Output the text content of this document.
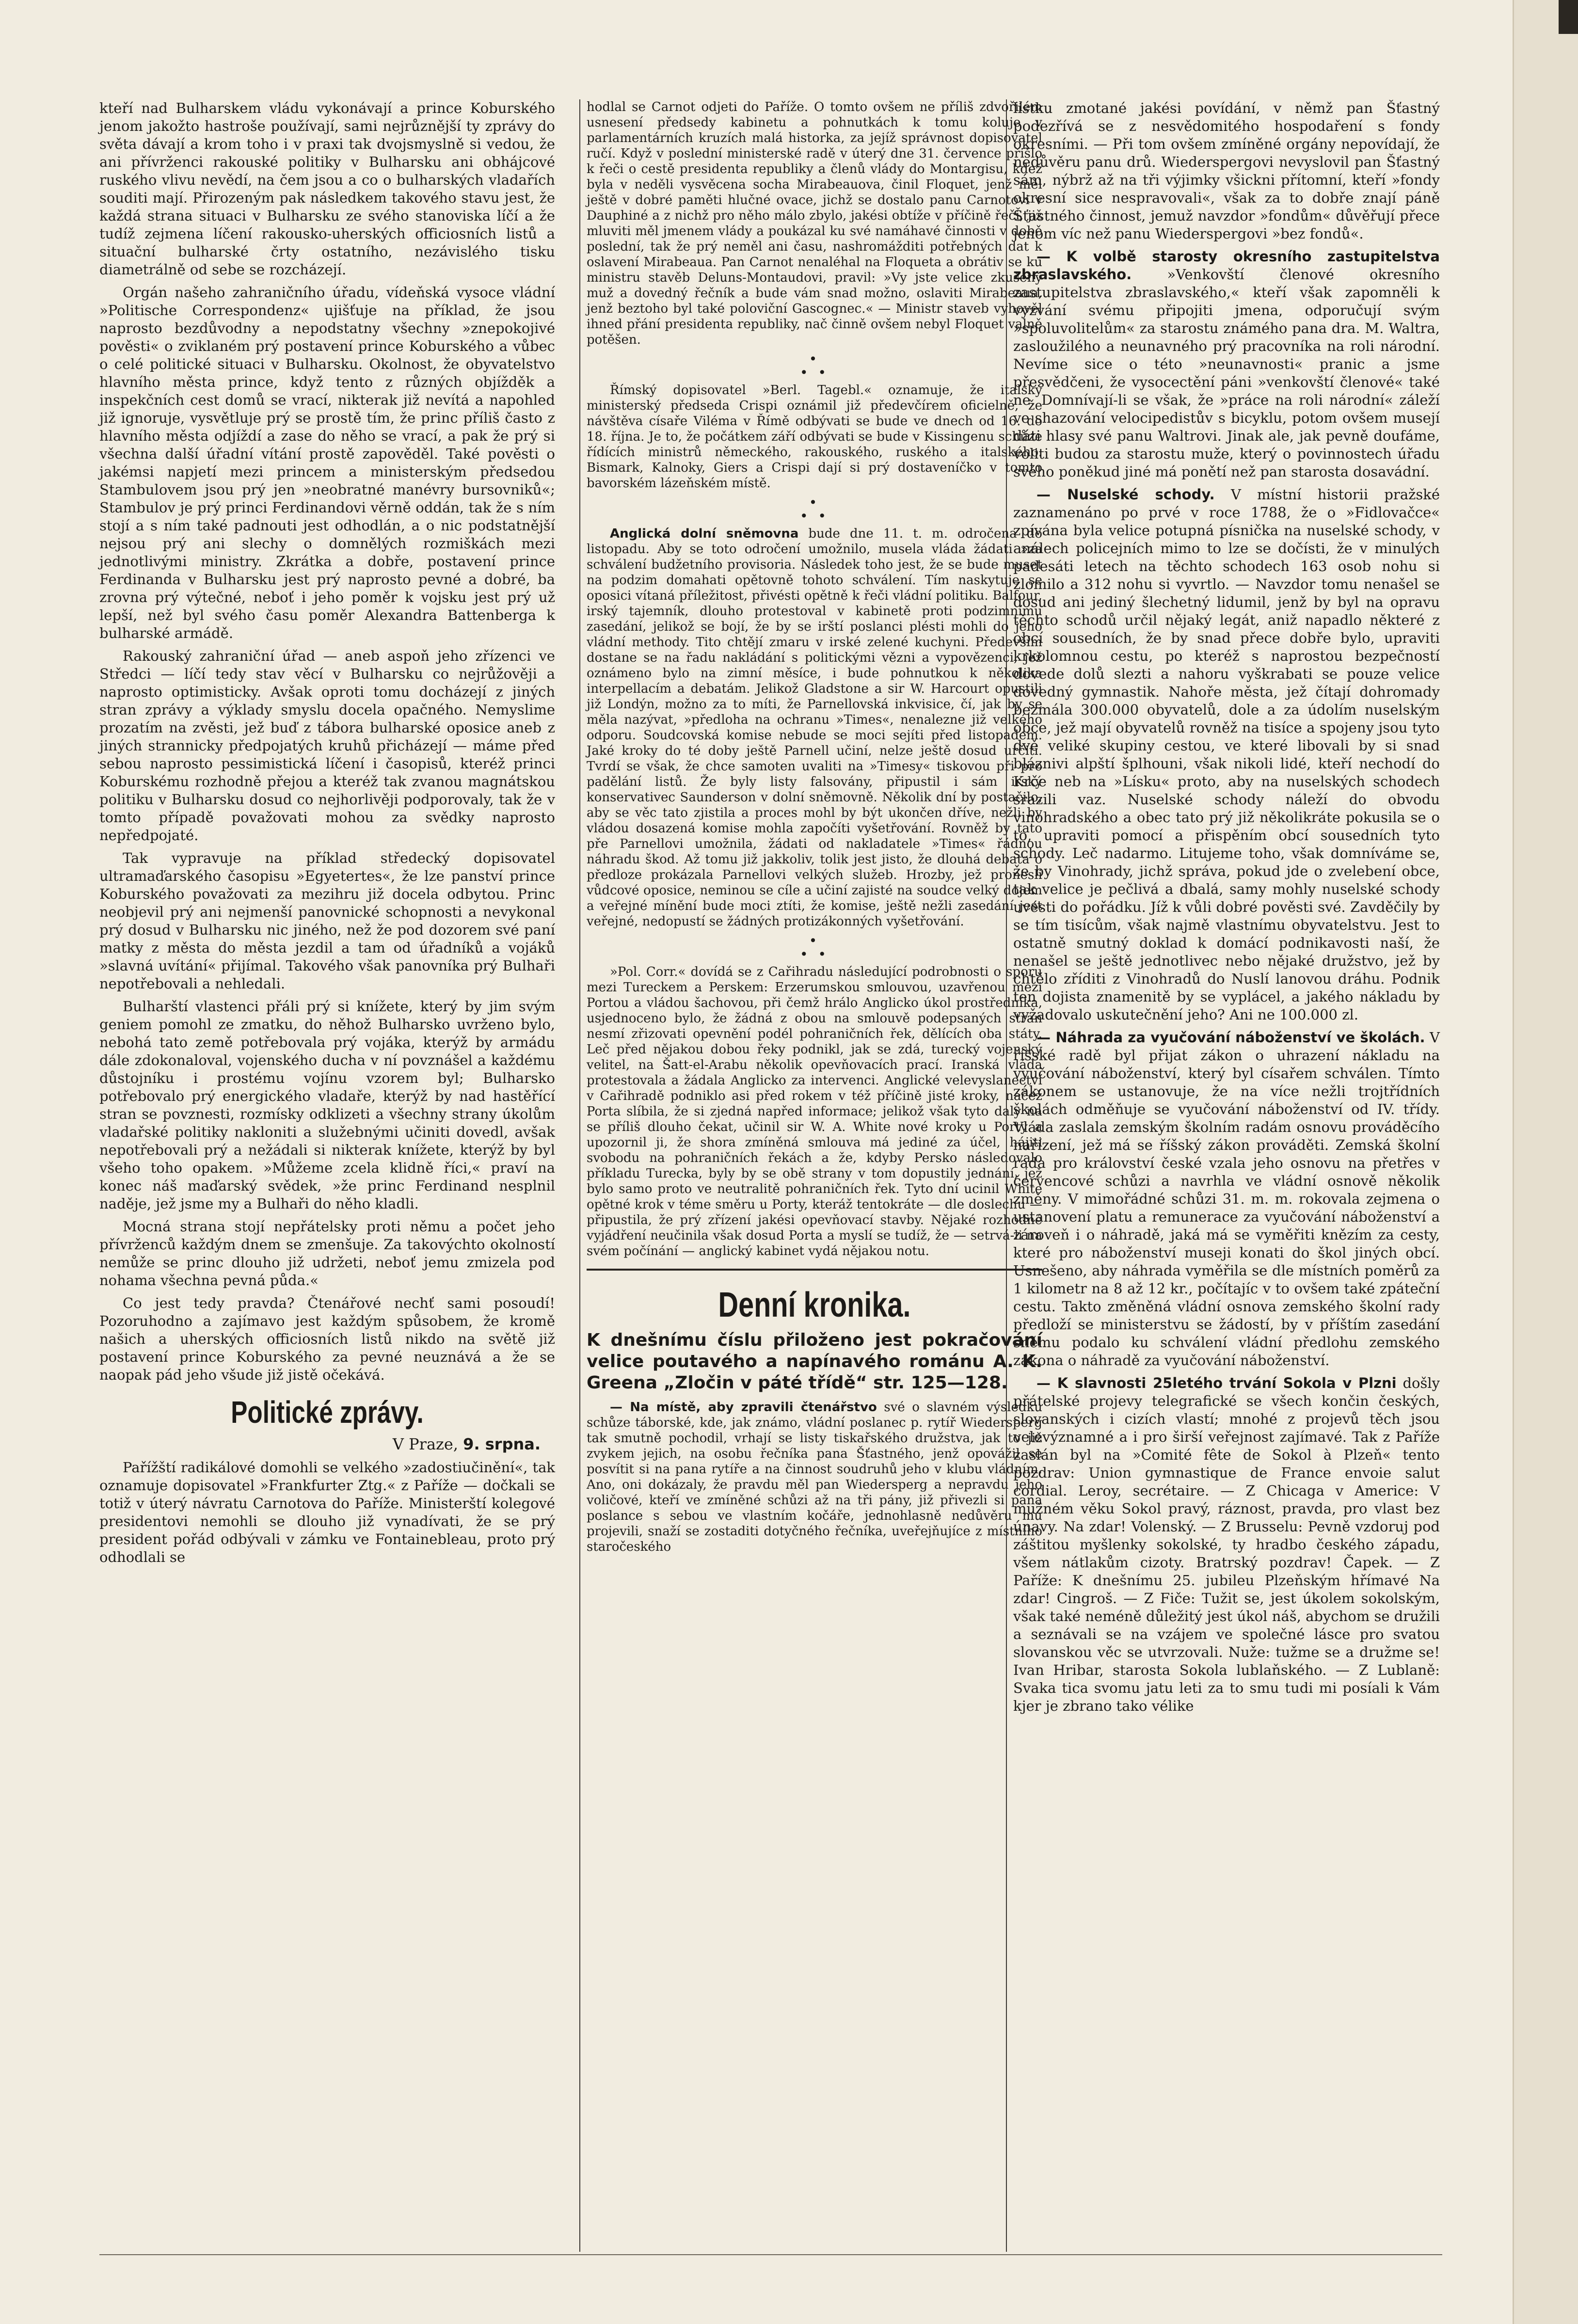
kteří nad Bulharskem vládu vykonávají a prince Koburského jenom jakožto hastroše používají, sami nejrůznější ty zprávy do světa dávají a krom toho i v praxi tak dvojsmyslně si vedou, že ani přívrženci rakouské politiky v Bulharsku ani obhájcové ruského vlivu nevědí, na čem jsou a co o bulharských vladařích souditi mají. Přirozeným pak následkem takového stavu jest, že každá strana situaci v Bulharsku ze svého stanoviska líčí a že tudíž zejmena líčení rakousko-uherských officiosních listů a situační bulharské črty ostatního, nezávislého tisku diametrálně od sebe se rozcházejí.

Orgán našeho zahraničního úřadu, vídeňská vysoce vládní »Politische Correspondenz« ujišťuje na příklad, že jsou naprosto bezdůvodny a nepodstatny všechny »znepokojivé pověsti« o zviklaném prý postavení prince Koburského a vůbec o celé politické situaci v Bulharsku. Okolnost, že obyvatelstvo hlavního města prince, když tento z různých objížděk a inspekčních cest domů se vrací, nikterak již nevítá a napohled již ignoruje, vysvětluje prý se prostě tím, že princ příliš často z hlavního města odjíždí a zase do něho se vrací, a pak že prý si všechna další úřadní vítání prostě zapověděl. Také pověsti o jakémsi napjetí mezi princem a ministerským předsedou Stambulovem jsou prý jen »neobratné manévry bursovniků«; Stambulov je prý princi Ferdinandovi věrně oddán, tak že s ním stojí a s ním také padnouti jest odhodlán, a o nic podstatnější nejsou prý ani slechy o domnělých rozmiškách mezi jednotlivými ministry. Zkrátka a dobře, postavení prince Ferdinanda v Bulharsku jest prý naprosto pevné a dobré, ba zrovna prý výtečné, neboť i jeho poměr k vojsku jest prý už lepší, než byl svého času poměr Alexandra Battenberga k bulharské armádě.

Rakouský zahraniční úřad — aneb aspoň jeho zřízenci ve Středci — líčí tedy stav věcí v Bulharsku co nejrůžověji a naprosto optimisticky. Avšak oproti tomu docházejí z jiných stran zprávy a výklady smyslu docela opačného. Nemyslime prozatím na zvěsti, jež buď z tábora bulharské oposice aneb z jiných strannicky předpojatých kruhů přicházejí — máme před sebou naprosto pessimistická líčení i časopisů, kteréž princi Koburskému rozhodně přejou a kteréž tak zvanou magnátskou politiku v Bulharsku dosud co nejhorlivěji podporovaly, tak že v tomto případě považovati mohou za svědky naprosto nepředpojaté.

Tak vypravuje na příklad středecký dopisovatel ultramaďarského časopisu »Egyetertes«, že lze panství prince Koburského považovati za mezihru již docela odbytou. Princ neobjevil prý ani nejmenší panovnické schopnosti a nevykonal prý dosud v Bulharsku nic jiného, než že pod dozorem své paní matky z města do města jezdil a tam od úřadníků a vojáků »slavná uvítání« přijímal. Takového však panovníka prý Bulhaři nepotřebovali a nehledali.

Bulharští vlastenci přáli prý si knížete, který by jim svým geniem pomohl ze zmatku, do něhož Bulharsko uvrženo bylo, nebohá tato země potřebovala prý vojáka, kterýž by armádu dále zdokonaloval, vojenského ducha v ní povznášel a každému důstojníku i prostému vojínu vzorem byl; Bulharsko potřebovalo prý energického vladaře, kterýž by nad hastěřící stran se povznesti, rozmísky odklizeti a všechny strany úkolům vladařské politiky nakloniti a služebnými učiniti dovedl, avšak nepotřebovali prý a nežádali si nikterak knížete, kterýž by byl všeho toho opakem. »Můžeme zcela klidně říci,« praví na konec náš maďarský svědek, »že princ Ferdinand nesplnil naděje, jež jsme my a Bulhaři do něho kladli.

Mocná strana stojí nepřátelsky proti němu a počet jeho přívrženců každým dnem se zmenšuje. Za takovýchto okolností nemůže se princ dlouho již udržeti, neboť jemu zmizela pod nohama všechna pevná půda.«

Co jest tedy pravda? Čtenářové nechť sami posoudí! Pozoruhodno a zajímavo jest každým spůsobem, že kromě našich a uherských officiosních listů nikdo na světě již postavení prince Koburského za pevné neuznává a že se naopak pád jeho všude již jistě očekává.

Politické zprávy.
V Praze, 9. srpna.

Pařížští radikálové domohli se velkého »zadostiučinění«, tak oznamuje dopisovatel »Frankfurter Ztg.« z Paříže — dočkali se totiž v úterý návratu Carnotova do Paříže. Ministerští kolegové presidentovi nemohli se dlouho již vynadívati, že se prý president pořád odbývali v zámku ve Fontainebleau, proto prý odhodlali se

hodlal se Carnot odjeti do Paříže. O tomto ovšem ne příliš zdvořilém usnesení předsedy kabinetu a pohnutkách k tomu koluje v parlamentárních kruzích malá historka, za jejíž správnost dopisovatel ručí. Když v poslední ministerské radě v úterý dne 31. července přišlo k řeči o cestě presidenta republiky a členů vlády do Montargisu, kdež byla v neděli vysvěcena socha Mirabeauova, činil Floquet, jenž měl ještě v dobré paměti hlučné ovace, jichž se dostalo panu Carnotovi v Dauphiné a z nichž pro něho málo zbylo, jakési obtíže v příčině řeči, již mluviti měl jmenem vlády a poukázal ku své namáhavé činnosti v době poslední, tak že prý neměl ani času, nashromážditi potřebných dat k oslavení Mirabeaua. Pan Carnot nenaléhal na Floqueta a obrátiv se ku ministru stavěb Deluns-Montaudovi, pravil: »Vy jste velice zkušený muž a dovedný řečník a bude vám snad možno, oslaviti Mirabeaua, jenž beztoho byl také poloviční Gascognec.« — Ministr staveb vyhověl ihned přání presidenta republiky, nač činně ovšem nebyl Floquet valně potěšen.

•
• •

Římský dopisovatel »Berl. Tagebl.« oznamuje, že italský ministerský předseda Crispi oznámil již předevčírem oficielně, že návštěva císaře Viléma v Římě odbývati se bude ve dnech od 16. do 18. října. Je to, že počátkem září odbývati se bude v Kissingenu schůze řídících ministrů německého, rakouského, ruského a italského. Bismark, Kalnoky, Giers a Crispi dají si prý dostaveníčko v tomto bavorském lázeňském místě.

•
• •

Anglická dolní sněmovna bude dne 11. t. m. odročena do listopadu. Aby se toto odročení umožnilo, musela vláda žádati »za schválení budžetního provisoria. Následek toho jest, že se bude muset na podzim domahati opětovně tohoto schválení. Tím naskytuje se oposici vítaná příležitost, přivésti opětně k řeči vládní politiku. Balfour, irský tajemník, dlouho protestoval v kabinetě proti podzimnímu zasedání, jelikož se bojí, že by se irští poslanci plésti mohli do jeho vládní methody. Tito chtějí zmaru v irské zelené kuchyni. Především dostane se na řadu nakládání s politickými vězni a vypovězenci, jež oznámeno bylo na zimní měsíce, i bude pohnutkou k několika interpellacím a debatám. Jelikož Gladstone a sir W. Harcourt opustili již Londýn, možno za to míti, že Parnellovská inkvisice, čí, jak by se měla nazývat, »předloha na ochranu »Times«, nenalezne již velkého odporu. Soudcovská komise nebude se moci sejíti před listopadem. Jaké kroky do té doby ještě Parnell učiní, nelze ještě dosud určiti. Tvrdí se však, že chce samoten uvaliti na »Timesy« tiskovou při pro padělání listů. Že byly listy falsovány, připustil i sám irský konservativec Saunderson v dolní sněmovně. Několik dní by postačilo, aby se věc tato zjistila a proces mohl by být ukončen dříve, nežli by vládou dosazená komise mohla započíti vyšetřování. Rovněž by tato pře Parnellovi umožnila, žádati od nakladatele »Times« řádnou náhradu škod. Až tomu již jakkoliv, tolik jest jisto, že dlouhá debata o předloze prokázala Parnellovi velkých služeb. Hrozby, jež pronesli vůdcové oposice, neminou se cíle a učiní zajisté na soudce velký dojem a veřejné mínění bude moci ztíti, že komise, ještě nežli zasedání jest veřejné, nedopustí se žádných protizákonných vyšetřování.

•
• •

»Pol. Corr.« dovídá se z Cařihradu následující podrobnosti o sporu mezi Tureckem a Perskem: Erzerumskou smlouvou, uzavřenou mezi Portou a vládou šachovou, při čemž hrálo Anglicko úkol prostředníka, usjednoceno bylo, že žádná z obou na smlouvě podepsaných stran nesmí zřizovati opevnění podél pohraničních řek, dělících oba státy. Leč před nějakou dobou řeky podnikl, jak se zdá, turecký vojenský velitel, na Šatt-el-Arabu několik opevňovacích prací. Iranská vláda protestovala a žádala Anglicko za intervenci. Anglické velevyslanectví v Cařihradě podniklo asi před rokem v též příčině jisté kroky, načež Porta slíbila, že si zjedná napřed informace; jelikož však tyto daly na se příliš dlouho čekat, učinil sir W. A. White nové kroky u Porty a upozornil ji, že shora zmíněná smlouva má jediné za účel, hájiti svobodu na pohraničních řekách a že, kdyby Persko následovalo příkladu Turecka, byly by se obě strany v tom dopustily jednání, jež bylo samo proto ve neutralitě pohraničních řek. Tyto dní ucinil White opětné krok v téme směru u Porty, kteráž tentokráte — dle doslechu — připustila, že prý zřízení jakési opevňovací stavby. Nějaké rozhodné vyjádření neučinila však dosud Porta a myslí se tudíž, že — setrvá-li na svém počínání — anglický kabinet vydá nějakou notu.

Denní kronika.
K dnešnímu číslu přiloženo jest pokračování velice poutavého a napínavého románu A. K. Greena „Zločin v páté třídě“ str. 125—128.

— Na místě, aby zpravili čtenářstvo své o slavném výsledku schůze táborské, kde, jak známo, vládní poslanec p. rytíř Wiedersperg tak smutně pochodil, vrhají se listy tiskařského družstva, jak to již zvykem jejich, na osobu řečníka pana Šťastného, jenž opovážil se posvítit si na pana rytíře a na činnost soudruhů jeho v klubu vládním. Ano, oni dokázaly, že pravdu měl pan Wiedersperg a nepravdu jeho voličové, kteří ve zmíněné schůzi až na tři pány, již přivezli si pana poslance s sebou ve vlastním kočáře, jednohlasně nedůvěru mu projevili, snaží se zostaditi dotyčného řečníka, uveřejňujíce z místního staročeského

lístku zmotané jakési povídání, v němž pan Šťastný podezřívá se z nesvědomitého hospodaření s fondy okresními. — Při tom ovšem zmíněné orgány nepovídají, že nedůvěru panu drů. Wiederspergovi nevyslovil pan Šťastný sám, nýbrž až na tři výjimky všickni přítomní, kteří »fondy okresní sice nespravovali«, však za to dobře znají páně Šťastného činnost, jemuž navzdor »fondům« důvěřují přece jenom víc než panu Wiederspergovi »bez fondů«.

— K volbě starosty okresního zastupitelstva zbraslavského.	»Venkovští členové okresního zastupitelstva zbraslavského,« kteří však zapomněli k vyzvání svému připojiti jmena, odporučují svým »spoluvolitelům« za starostu známého pana dra. M. Waltra, zasloužilého a neunavného prý pracovníka na roli národní. Nevíme sice o této »neunavnosti« pranic a jsme přesvědčeni, že vysocectění páni »venkovští členové« také ne. Domnívají-li se však, že »práce na roli národní« záleží ve shazování velocipedistův s bicyklu, potom ovšem musejí dáti hlasy své panu Waltrovi. Jinak ale, jak pevně doufáme, voliti budou za starostu muže, který o povinnostech úřadu svého poněkud jiné má ponětí než pan starosta dosavádní.

— Nuselské schody. V místní historii pražské zaznamenáno po prvé v roce 1788, že o »Fidlovačce« zpívána byla velice potupná písnička na nuselské schody, v análech policejních mimo to lze se dočísti, že v minulých padesáti letech na těchto schodech 163 osob nohu si zlomilo a 312 nohu si vyvrtlo. — Navzdor tomu nenašel se dosud ani jediný šlechetný lidumil, jenž by byl na opravu těchto schodů určil nějaký legát, aniž napadlo některé z obcí sousedních, že by snad přece dobře bylo, upraviti krkolomnou cestu, po kteréž s naprostou bezpečností dovede dolů slezti a nahoru vyškrabati se pouze velice dovedný gymnastik. Nahoře města, jež čítají dohromady bezmála 300.000 obyvatelů, dole a za údolím nuselským obce, jež mají obyvatelů rovněž na tisíce a spojeny jsou tyto dvě veliké skupiny cestou, ve které libovali by si snad bláznivi alpští šplhouni, však nikoli lidé, kteří nechodí do Krče neb na »Lísku« proto, aby na nuselských schodech srazili vaz. Nuselské schody náleží do obvodu vinohradského a obec tato prý již několikráte pokusila se o to, upraviti pomocí a přispěním obcí sousedních tyto schody. Leč nadarmo. Litujeme toho, však domníváme se, že by Vinohrady, jichž správa, pokud jde o zvelebení obce, tak velice je pečlivá a dbalá, samy mohly nuselské schody uvésti do pořádku. Jíž k vůli dobré pověsti své. Zavděčily by se tím tisícům, však najmě vlastnímu obyvatelstvu. Jest to ostatně smutný doklad k domácí podnikavosti naší, že nenašel se ještě jednotlivec nebo nějaké družstvo, jež by chtělo zříditi z Vinohradů do Nuslí lanovou dráhu. Podnik ten dojista znamenitě by se vyplácel, a jakého nákladu by vyžadovalo uskutečnění jeho? Ani ne 100.000 zl.

— Náhrada za vyučování náboženství ve školách. V říšské radě byl přijat zákon o uhrazení nákladu na vyučování náboženství, který byl císařem schválen. Tímto zákonem se ustanovuje, že na více nežli trojtřídních školách odměňuje se vyučování náboženství od IV. třídy. Vláda zaslala zemským školním radám osnovu prováděcího nařízení, jež má se říšský zákon prováděti. Zemská školní rada pro království české vzala jeho osnovu na přetřes v červencové schůzi a navrhla ve vládní osnově několik změny. V mimořádné schůzi 31. m. m. rokovala zejmena o ustanovení platu a remunerace za vyučování náboženství a zároveň i o náhradě, jaká má se vyměřiti knězím za cesty, které pro náboženství museji konati do škol jiných obcí. Usnešeno, aby náhrada vyměřila se dle místních poměrů za 1 kilometr na 8 až 12 kr., počítajíc v to ovšem také zpáteční cestu. Takto změněná vládní osnova zemského školní rady předloží se ministerstvu se žádostí, by v příštím zasedání sněmu podalo ku schválení vládní předlohu zemského zákona o náhradě za vyučování náboženství.

— K slavnosti 25letého trvání Sokola v Plzni došly přátelské projevy telegrafické se všech končin českých, slovanských i cizích vlastí; mnohé z projevů těch jsou velevýznamné a i pro širší veřejnost zajímavé. Tak z Paříže zaslán byl na »Comité fête de Sokol à Plzeň« tento pozdrav: Union gymnastique de France envoie salut cordial. Leroy, secrétaire. — Z Chicaga v Americe: V mužném věku Sokol pravý, ráznost, pravda, pro vlast bez únavy. Na zdar! Volenský. — Z Brusselu: Pevně vzdoruj pod záštitou myšlenky sokolské, ty hradbo českého západu, všem nátlakům cizoty. Bratrský pozdrav! Čapek. — Z Paříže: K dnešnímu 25. jubileu Plzeňským hřímavé Na zdar! Cingroš. — Z Fiče: Tužit se, jest úkolem sokolským, však také neméně důležitý jest úkol náš, abychom se družili a seznávali se na vzájem ve společné lásce pro svatou slovanskou věc se utvrzovali. Nuže: tužme se a družme se! Ivan Hribar, starosta Sokola lublaňského. — Z Lublaně: Svaka tica svomu jatu leti za to smu tudi mi posíali k Vám kjer je zbrano tako vélike
